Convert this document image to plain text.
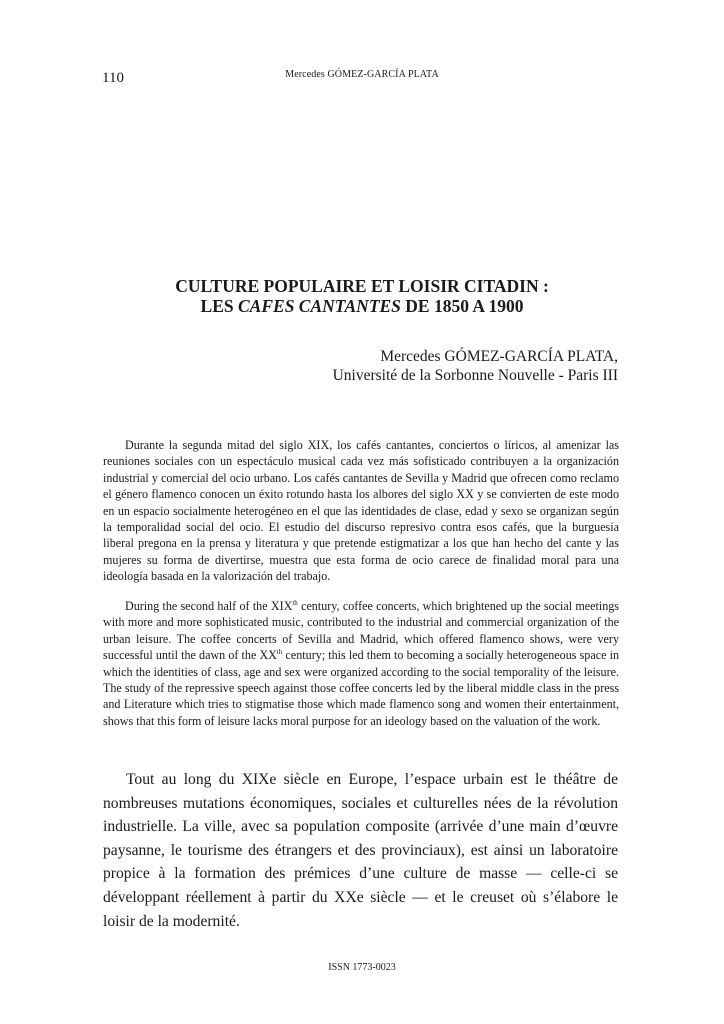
110	Mercedes GÓMEZ-GARCÍA PLATA
CULTURE POPULAIRE ET LOISIR CITADIN :
LES CAFES CANTANTES DE 1850 A 1900
Mercedes GÓMEZ-GARCÍA PLATA,
Université de la Sorbonne Nouvelle - Paris III

Durante la segunda mitad del siglo XIX, los cafés cantantes, conciertos o líricos, al amenizar las reuniones sociales con un espectáculo musical cada vez más sofisticado contribuyen a la organización industrial y comercial del ocio urbano. Los cafés cantantes de Sevilla y Madrid que ofrecen como reclamo el género flamenco conocen un éxito rotundo hasta los albores del siglo XX y se convierten de este modo en un espacio socialmente heterogéneo en el que las identidades de clase, edad y sexo se organizan según la temporalidad social del ocio. El estudio del discurso represivo contra esos cafés, que la burguesía liberal pregona en la prensa y literatura y que pretende estigmatizar a los que han hecho del cante y las mujeres su forma de divertirse, muestra que esta forma de ocio carece de finalidad moral para una ideología basada en la valorización del trabajo.

During the second half of the XIXth century, coffee concerts, which brightened up the social meetings with more and more sophisticated music, contributed to the industrial and commercial organization of the urban leisure. The coffee concerts of Sevilla and Madrid, which offered flamenco shows, were very successful until the dawn of the XXth century; this led them to becoming a socially heterogeneous space in which the identities of class, age and sex were organized according to the social temporality of the leisure. The study of the repressive speech against those coffee concerts led by the liberal middle class in the press and Literature which tries to stigmatise those which made flamenco song and women their entertainment, shows that this form of leisure lacks moral purpose for an ideology based on the valuation of the work.

Tout au long du XIXe siècle en Europe, l’espace urbain est le théâtre de nombreuses mutations économiques, sociales et culturelles nées de la révolution industrielle. La ville, avec sa population composite (arrivée d’une main d’œuvre paysanne, le tourisme des étrangers et des provinciaux), est ainsi un laboratoire propice à la formation des prémices d’une culture de masse — celle-ci se développant réellement à partir du XXe siècle — et le creuset où s’élabore le loisir de la modernité.

ISSN 1773-0023
